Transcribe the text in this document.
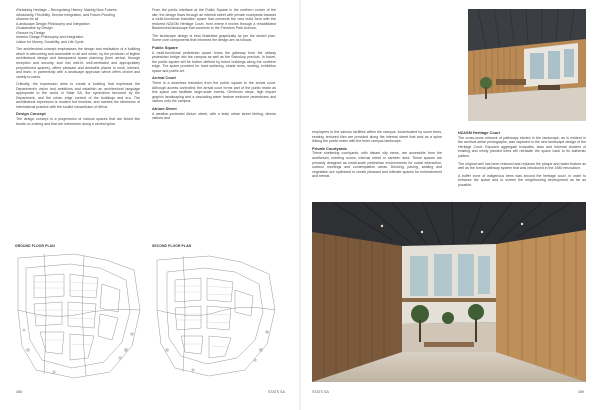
• Retaining Heritage – Recognising History: Making New Futures
• Modularity, Flexibility, Service Integration, and Future-Proofing
• Access for all
• Landscape Design Philosophy and Integration
• Sustainable by Design
• Secure by Design
• Interior Design Philosophy and Integration
• Value for Money, Durability, and Life Cycle.

The architectural concept emphasises the design and realisation of a building which is welcoming and accessible to all and which, by the provision of legible architectural design and transparent space planning (from arrival, through reception and security, and into well-lit, well-ventilated and appropriately proportioned spaces), offers pleasant and desirable places to work, interact, and learn, in partnership with a landscape approach which offers choice and variety to users.

Critically, the expression aims to create a building that expresses the Department's vision and ambitions and establish an architectural language appropriate to the world of State SA, the symbolism favoured by the Department, and the urban edge context of the buildings and era. The architectural expression is modern but timeless, and marries the sleekness of international practice with the soulful romanticism of Africa.

Design Concept

The design concept is a progression of various spaces that are linked like beads on a string and that are interwoven along a central spine.

From the public interface at the Public Square in the northern corner of the site, the design flows through an internal street with private courtyards towards a multi-functional transition space that connects the new build form with the restored NZASM Heritage Court, from where it moves through a rehabilitated Bankenveld landscape that connects to the Freedom Park Avenue.

The landscape design is best illustrated graphically as per the sketch plan. Some core components that informed the design are as follows:

Public Square

A multi-functional pedestrian space forms the gateway from the railway pedestrian bridge into the campus as well as the Salvokop precinct. In future, the public square will be further defined by future buildings along the northern edge. The space provides for hard surfacing, shade trees, seating, exhibition space and public art.

Arrival Court

There is a seamless transition from the public square to the arrival court. Although access controlled, the arrival court forms part of the public realm as this space can facilitate large-scale events. Generous steps, high impact graphic landscaping and a cascading water feature welcome pedestrians and visitors onto the campus.

Atrium Street

A weather-protected Atrium street, with a leafy urban street feeling, directs visitors and

GROUND FLOOR PLAN	SECOND FLOOR PLAN
456	STATS SA

employees to the various facilities within the campus. Accentuated by some trees, seating, textured tiles are provided along the internal street that acts as a spine linking the public realm with the inner campus landscape.

Private Courtyards

These sheltering courtyards, with distant city views, are accessible from the auditorium, meeting rooms, internal street or canteen area. These spaces are primarily designed as small-scale pedestrian environments for social interaction, outdoor meetings and contemplation areas. Decking, paving, seating and vegetation are optimised to create pleasant and intimate spaces for entertainment and retreat.

NZASM Heritage Court

The cross-cross network of pathways etched in the landscape, as is evident in the archival aerial photographs, was captured in the new landscape design of the Heritage Court. Exposed aggregate footpaths, lawn and informal clusters of existing and newly planted trees will reinstate the space back to its authentic pattern.

The original well has been restored and replaces the plaque and water feature as well as the formal pathway system that was introduced in the 1980 renovation.

A buffer zone of indigenous trees was around the heritage court, in order to enhance the space and to screen the neighbouring development as far as possible.

STATS SA	459
